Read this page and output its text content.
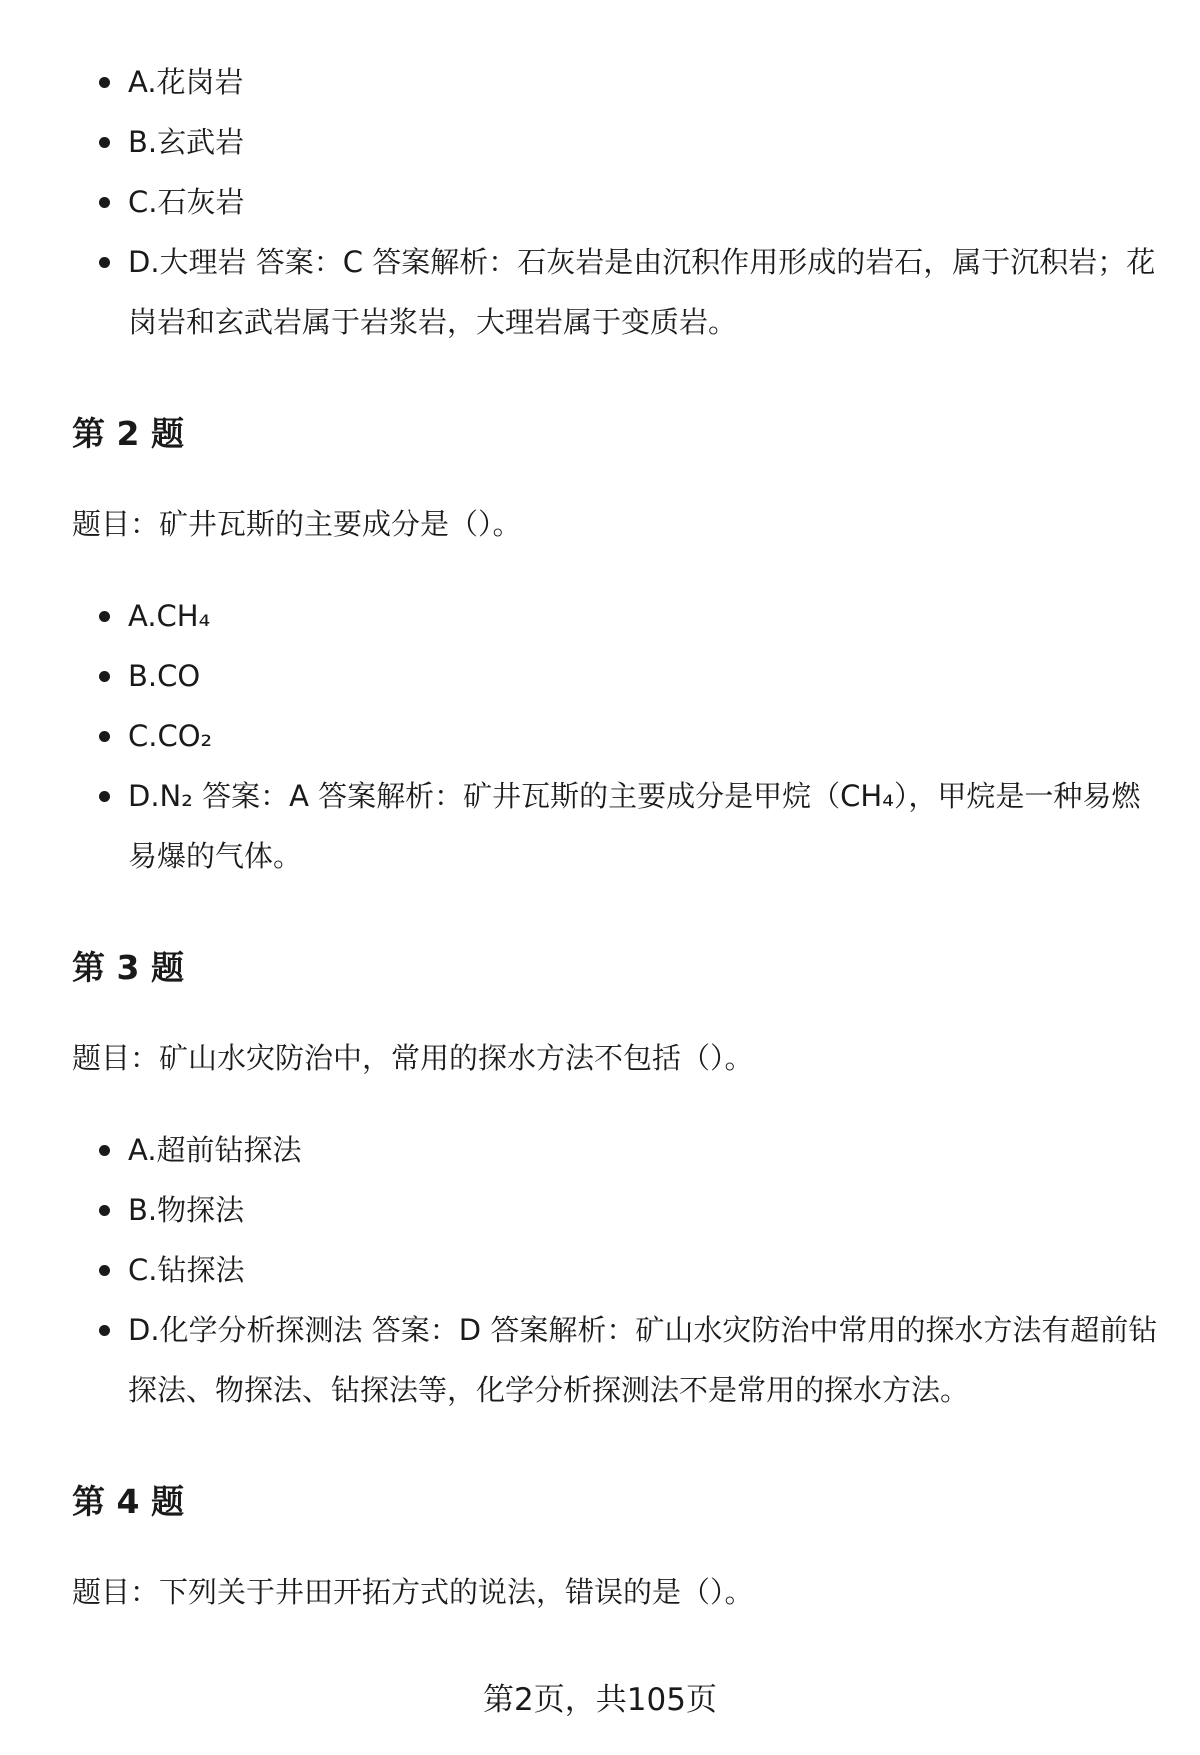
A.花岗岩
B.玄武岩
C.石灰岩
D.大理岩 答案：C 答案解析：石灰岩是由沉积作用形成的岩石，属于沉积岩；花岗岩和玄武岩属于岩浆岩，大理岩属于变质岩。
第 2 题

题目：矿井瓦斯的主要成分是（）。

A.CH₄
B.CO
C.CO₂
D.N₂ 答案：A 答案解析：矿井瓦斯的主要成分是甲烷（CH₄），甲烷是一种易燃易爆的气体。
第 3 题

题目：矿山水灾防治中，常用的探水方法不包括（）。

A.超前钻探法
B.物探法
C.钻探法
D.化学分析探测法 答案：D 答案解析：矿山水灾防治中常用的探水方法有超前钻探法、物探法、钻探法等，化学分析探测法不是常用的探水方法。
第 4 题

题目：下列关于井田开拓方式的说法，错误的是（）。

第2页，共105页
